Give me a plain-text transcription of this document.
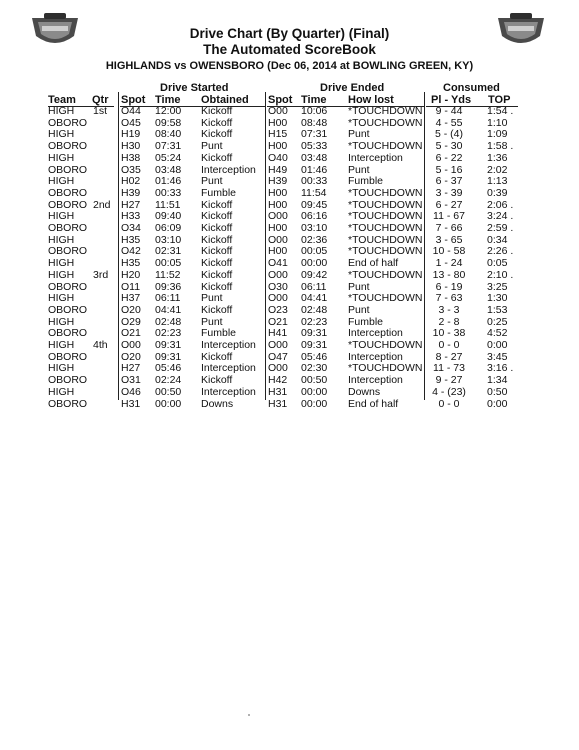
Drive Chart (By Quarter) (Final)
The Automated ScoreBook
HIGHLANDS vs OWENSBORO (Dec 06, 2014 at BOWLING GREEN, KY)
Drive Started	Drive Ended	Consumed
Team Qtr Spot Time Obtained Spot Time How lost	Pl - Yds TOP
HIGH 1st O44 12:00 Kickoff	O00 10:06 *TOUCHDOWN	9 - 44	1:54 .
OBORO	O45 09:58 Kickoff	H00 08:48 *TOUCHDOWN	4 - 55	1:10
HIGH	H19 08:40 Kickoff	H15 07:31 Punt	5 - (4)	1:09
OBORO	H30 07:31 Punt	H00 05:33 *TOUCHDOWN	5 - 30	1:58 .
HIGH	H38 05:24 Kickoff	O40 03:48 Interception	6 - 22	1:36
OBORO	O35 03:48 Interception H49 01:46 Punt	5 - 16	2:02
HIGH	H02 01:46 Punt	H39 00:33 Fumble	6 - 37	1:13
OBORO	H39 00:33 Fumble	H00 11:54 *TOUCHDOWN	3 - 39	0:39
OBORO 2nd H27 11:51 Kickoff	H00 09:45 *TOUCHDOWN	6 - 27	2:06 .
HIGH	H33 09:40 Kickoff	O00 06:16 *TOUCHDOWN	11 - 67	3:24 .
OBORO	O34 06:09 Kickoff	H00 03:10 *TOUCHDOWN	7 - 66	2:59 .
HIGH	H35 03:10 Kickoff	O00 02:36 *TOUCHDOWN	3 - 65	0:34
OBORO	O42 02:31 Kickoff	H00 00:05 *TOUCHDOWN 10 - 58	2:26 .
HIGH	H35 00:05 Kickoff	O41 00:00 End of half	1 - 24	0:05
HIGH 3rd H20 11:52 Kickoff	O00 09:42 *TOUCHDOWN 13 - 80	2:10 .
OBORO	O11 09:36 Kickoff	O30 06:11 Punt	6 - 19	3:25
HIGH	H37 06:11 Punt	O00 04:41 *TOUCHDOWN	7 - 63	1:30
OBORO	O20 04:41 Kickoff	O23 02:48 Punt	3 - 3	1:53
HIGH	O29 02:48 Punt	O21 02:23 Fumble	2 - 8	0:25
OBORO	O21 02:23 Fumble	H41 09:31 Interception	10 - 38	4:52
HIGH 4th O00 09:31 Interception O00 09:31 *TOUCHDOWN	0 - 0	0:00
OBORO	O20 09:31 Kickoff	O47 05:46 Interception	8 - 27	3:45
HIGH	H27 05:46 Interception O00 02:30 *TOUCHDOWN	11 - 73	3:16 .
OBORO	O31 02:24 Kickoff	H42 00:50 Interception	9 - 27	1:34
HIGH	O46 00:50 Interception H31 00:00 Downs	4 - (23)	0:50
OBORO	H31 00:00 Downs	H31 00:00 End of half	0 - 0	0:00
